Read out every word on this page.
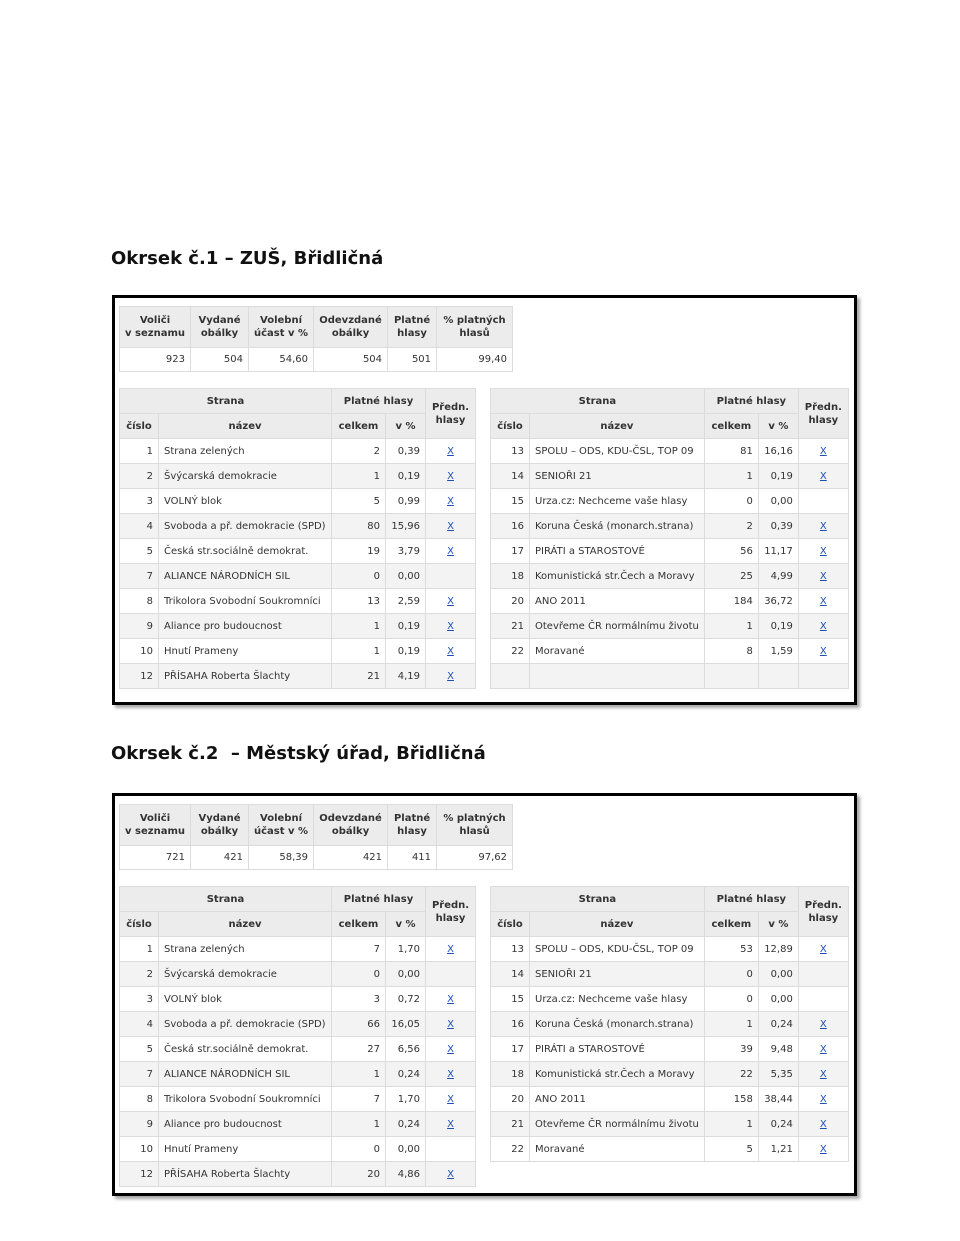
Okrsek č.1 – ZUŠ, Břidličná
Voliči
v seznamu	Vydané
obálky	Volební
účast v %	Odevzdané
obálky	Platné
hlasy	% platných
hlasů
923	504	54,60	504	501	99,40
Strana		Platné hlasy		Předn.
hlasy
číslo	název	celkem	v %	
1	Strana zelených	2	0,39	X
2	Švýcarská demokracie	1	0,19	X
3	VOLNÝ blok	5	0,99	X
4	Svoboda a př. demokracie (SPD)	80	15,96	X
5	Česká str.sociálně demokrat.	19	3,79	X
7	ALIANCE NÁRODNÍCH SIL	0	0,00	
8	Trikolora Svobodní Soukromníci	13	2,59	X
9	Aliance pro budoucnost	1	0,19	X
10	Hnutí Prameny	1	0,19	X
12	PŘÍSAHA Roberta Šlachty	21	4,19	X
Strana		Platné hlasy		Předn.
hlasy
číslo	název	celkem	v %	
13	SPOLU – ODS, KDU-ČSL, TOP 09	81	16,16	X
14	SENIOŘI 21	1	0,19	X
15	Urza.cz: Nechceme vaše hlasy	0	0,00	
16	Koruna Česká (monarch.strana)	2	0,39	X
17	PIRÁTI a STAROSTOVÉ	56	11,17	X
18	Komunistická str.Čech a Moravy	25	4,99	X
20	ANO 2011	184	36,72	X
21	Otevřeme ČR normálnímu životu	1	0,19	X
22	Moravané	8	1,59	X

Okrsek č.2  – Městský úřad, Břidličná
Voliči
v seznamu	Vydané
obálky	Volební
účast v %	Odevzdané
obálky	Platné
hlasy	% platných
hlasů
721	421	58,39	421	411	97,62
Strana		Platné hlasy		Předn.
hlasy
číslo	název	celkem	v %	
1	Strana zelených	7	1,70	X
2	Švýcarská demokracie	0	0,00	
3	VOLNÝ blok	3	0,72	X
4	Svoboda a př. demokracie (SPD)	66	16,05	X
5	Česká str.sociálně demokrat.	27	6,56	X
7	ALIANCE NÁRODNÍCH SIL	1	0,24	X
8	Trikolora Svobodní Soukromníci	7	1,70	X
9	Aliance pro budoucnost	1	0,24	X
10	Hnutí Prameny	0	0,00	
12	PŘÍSAHA Roberta Šlachty	20	4,86	X
Strana		Platné hlasy		Předn.
hlasy
číslo	název	celkem	v %	
13	SPOLU – ODS, KDU-ČSL, TOP 09	53	12,89	X
14	SENIOŘI 21	0	0,00	
15	Urza.cz: Nechceme vaše hlasy	0	0,00	
16	Koruna Česká (monarch.strana)	1	0,24	X
17	PIRÁTI a STAROSTOVÉ	39	9,48	X
18	Komunistická str.Čech a Moravy	22	5,35	X
20	ANO 2011	158	38,44	X
21	Otevřeme ČR normálnímu životu	1	0,24	X
22	Moravané	5	1,21	X
